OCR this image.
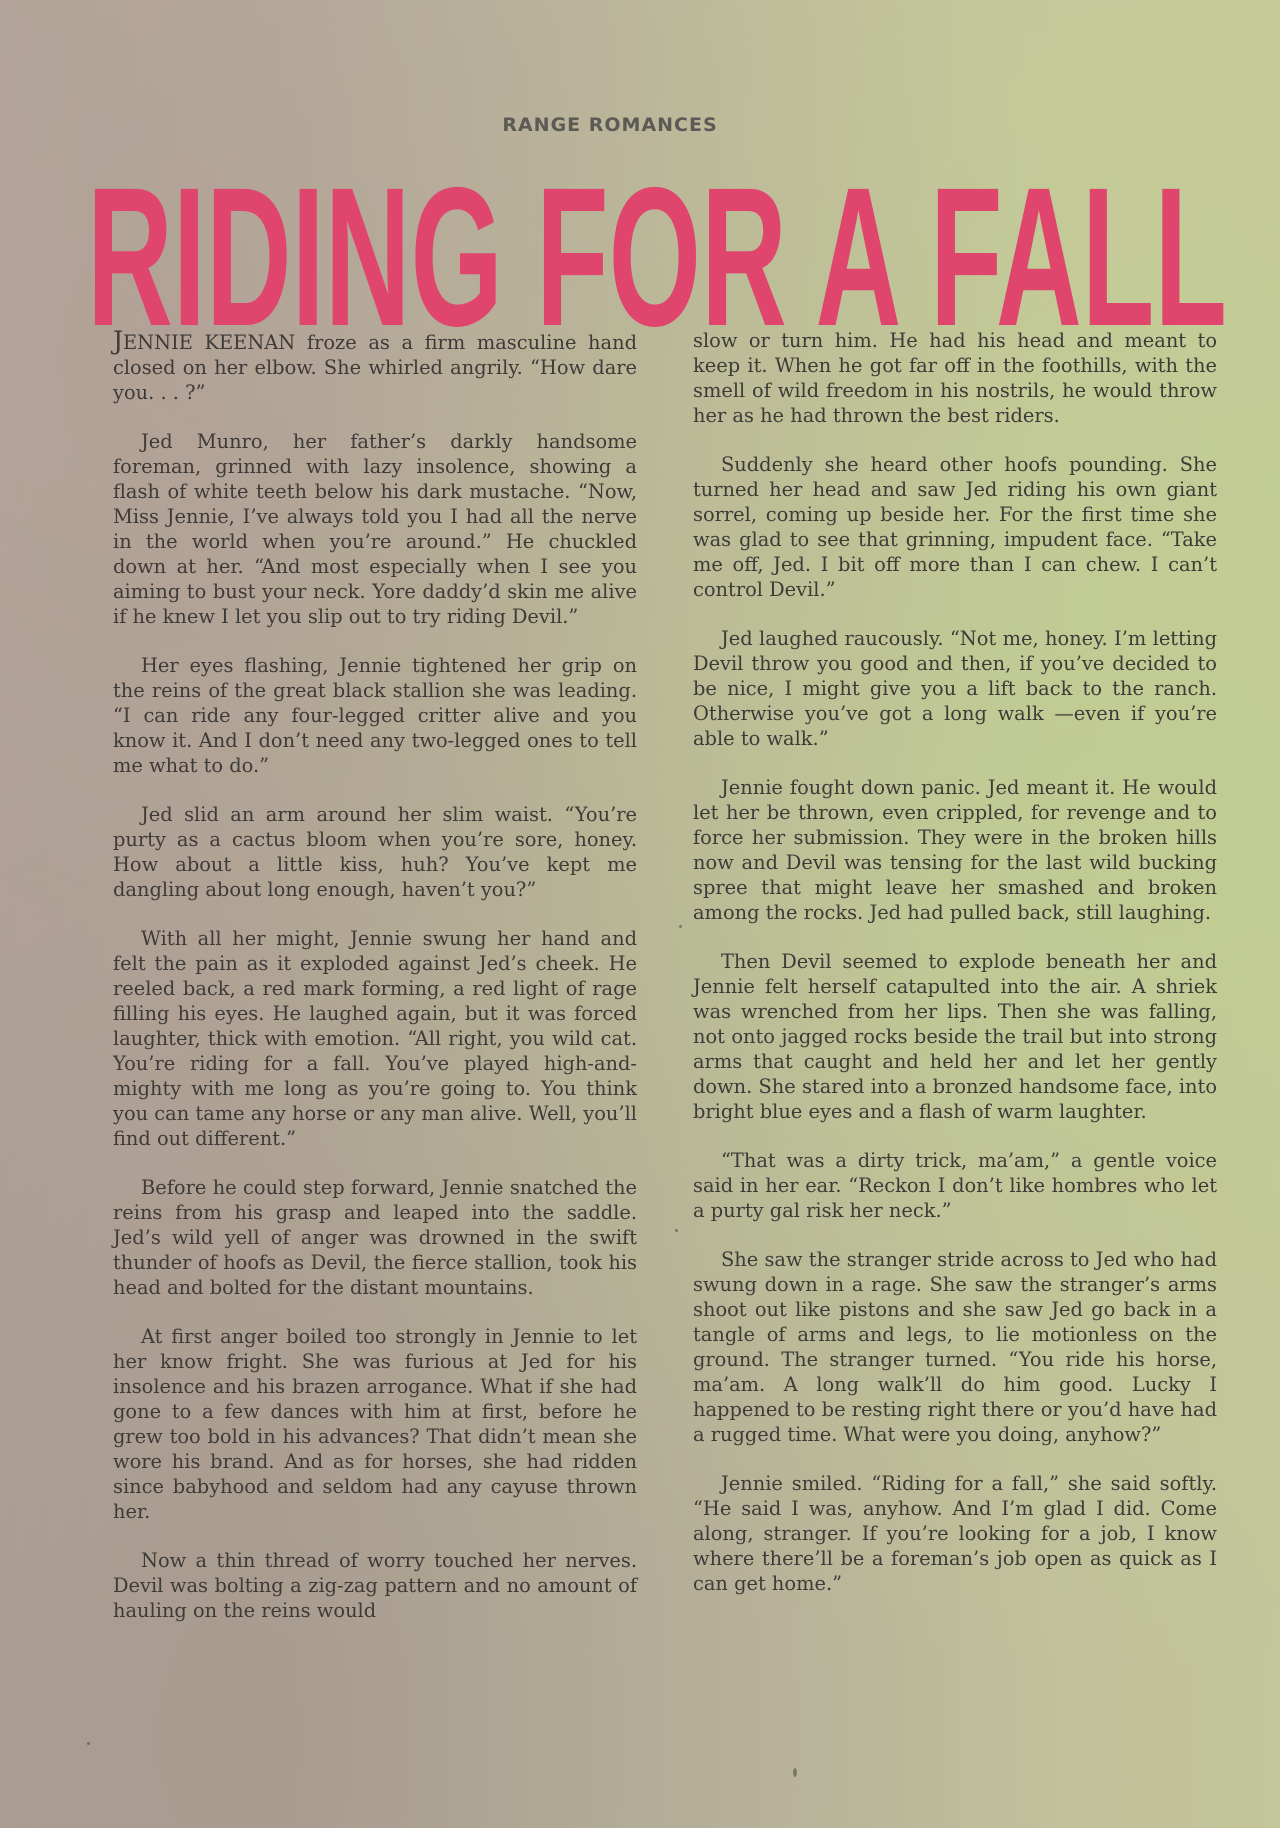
RANGE ROMANCES
RIDING FOR A FALL

JENNIE KEENAN froze as a firm masculine hand closed on her elbow. She whirled angrily. “How dare you. . . ?”

Jed Munro, her father’s darkly handsome foreman, grinned with lazy insolence, showing a flash of white teeth below his dark mustache. “Now, Miss Jennie, I’ve always told you I had all the nerve in the world when you’re around.” He chuckled down at her. “And most especially when I see you aiming to bust your neck. Yore daddy’d skin me alive if he knew I let you slip out to try riding Devil.”

Her eyes flashing, Jennie tightened her grip on the reins of the great black stallion she was leading. “I can ride any four-legged critter alive and you know it. And I don’t need any two-legged ones to tell me what to do.”

Jed slid an arm around her slim waist. “You’re purty as a cactus bloom when you’re sore, honey. How about a little kiss, huh? You’ve kept me dangling about long enough, haven’t you?”

With all her might, Jennie swung her hand and felt the pain as it exploded against Jed’s cheek. He reeled back, a red mark forming, a red light of rage filling his eyes. He laughed again, but it was forced laughter, thick with emotion. “All right, you wild cat. You’re riding for a fall. You’ve played high-and-mighty with me long as you’re going to. You think you can tame any horse or any man alive. Well, you’ll find out different.”

Before he could step forward, Jennie snatched the reins from his grasp and leaped into the saddle. Jed’s wild yell of anger was drowned in the swift thunder of hoofs as Devil, the fierce stallion, took his head and bolted for the distant mountains.

At first anger boiled too strongly in Jennie to let her know fright. She was furious at Jed for his insolence and his brazen arrogance. What if she had gone to a few dances with him at first, before he grew too bold in his advances? That didn’t mean she wore his brand. And as for horses, she had ridden since babyhood and seldom had any cayuse thrown her.

Now a thin thread of worry touched her nerves. Devil was bolting a zig-zag pattern and no amount of hauling on the reins would

slow or turn him. He had his head and meant to keep it. When he got far off in the foothills, with the smell of wild freedom in his nostrils, he would throw her as he had thrown the best riders.

Suddenly she heard other hoofs pounding. She turned her head and saw Jed riding his own giant sorrel, coming up beside her. For the first time she was glad to see that grinning, impudent face. “Take me off, Jed. I bit off more than I can chew. I can’t control Devil.”

Jed laughed raucously. “Not me, honey. I’m letting Devil throw you good and then, if you’ve decided to be nice, I might give you a lift back to the ranch. Otherwise you’ve got a long walk —even if you’re able to walk.”

Jennie fought down panic. Jed meant it. He would let her be thrown, even crippled, for revenge and to force her submission. They were in the broken hills now and Devil was tensing for the last wild bucking spree that might leave her smashed and broken among the rocks. Jed had pulled back, still laughing.

Then Devil seemed to explode beneath her and Jennie felt herself catapulted into the air. A shriek was wrenched from her lips. Then she was falling, not onto jagged rocks beside the trail but into strong arms that caught and held her and let her gently down. She stared into a bronzed handsome face, into bright blue eyes and a flash of warm laughter.

“That was a dirty trick, ma’am,” a gentle voice said in her ear. “Reckon I don’t like hombres who let a purty gal risk her neck.”

She saw the stranger stride across to Jed who had swung down in a rage. She saw the stranger’s arms shoot out like pistons and she saw Jed go back in a tangle of arms and legs, to lie motionless on the ground. The stranger turned. “You ride his horse, ma’am. A long walk’ll do him good. Lucky I happened to be resting right there or you’d have had a rugged time. What were you doing, anyhow?”

Jennie smiled. “Riding for a fall,” she said softly. “He said I was, anyhow. And I’m glad I did. Come along, stranger. If you’re looking for a job, I know where there’ll be a foreman’s job open as quick as I can get home.”
